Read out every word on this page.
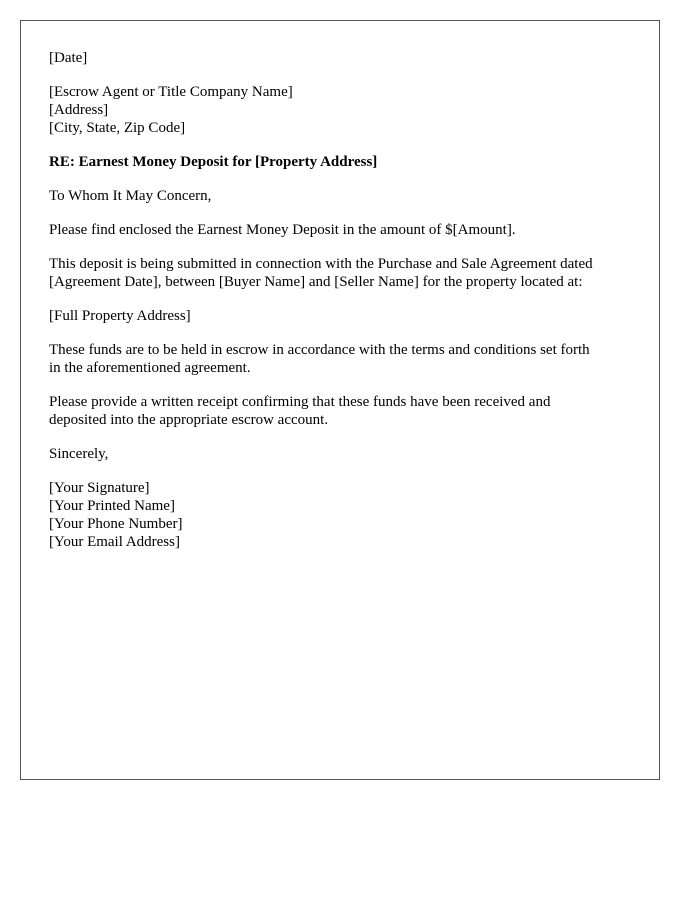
[Date]

[Escrow Agent or Title Company Name]
[Address]
[City, State, Zip Code]

RE: Earnest Money Deposit for [Property Address]

To Whom It May Concern,

Please find enclosed the Earnest Money Deposit in the amount of $[Amount].

This deposit is being submitted in connection with the Purchase and Sale Agreement dated
[Agreement Date], between [Buyer Name] and [Seller Name] for the property located at:

[Full Property Address]

These funds are to be held in escrow in accordance with the terms and conditions set forth
in the aforementioned agreement.

Please provide a written receipt confirming that these funds have been received and
deposited into the appropriate escrow account.

Sincerely,

[Your Signature]
[Your Printed Name]
[Your Phone Number]
[Your Email Address]
